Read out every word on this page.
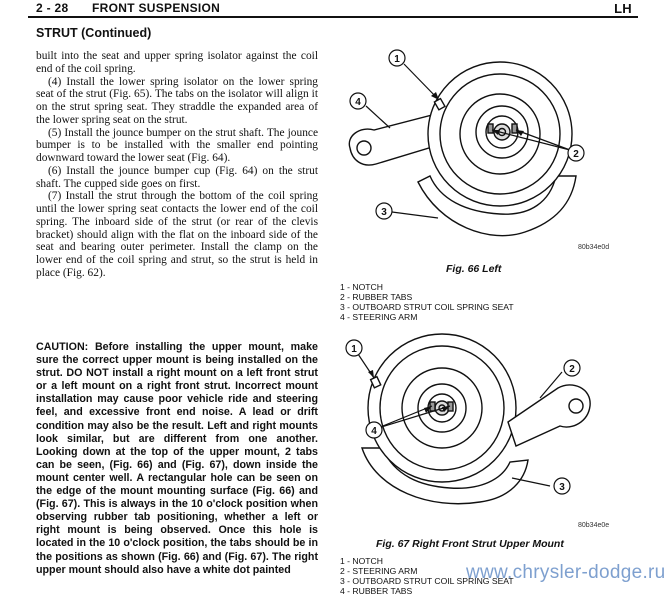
2 - 28 FRONT SUSPENSION	LH
STRUT (Continued)

built into the seat and upper spring isolator against the coil end of the coil spring.

(4) Install the lower spring isolator on the lower spring seat of the strut (Fig. 65). The tabs on the isolator will align it on the strut spring seat. They straddle the expanded area of the lower spring seat on the strut.

(5) Install the jounce bumper on the strut shaft. The jounce bumper is to be installed with the smaller end pointing downward toward the lower seat (Fig. 64).

(6) Install the jounce bumper cup (Fig. 64) on the strut shaft. The cupped side goes on first.

(7) Install the strut through the bottom of the coil spring until the lower spring seat contacts the lower end of the coil spring. The inboard side of the strut (or rear of the clevis bracket) should align with the flat on the inboard side of the seat and bearing outer perimeter. Install the clamp on the lower end of the coil spring and strut, so the strut is held in place (Fig. 62).

CAUTION: Before installing the upper mount, make sure the correct upper mount is being installed on the strut. DO NOT install a right mount on a left front strut or a left mount on a right front strut. Incorrect mount installation may cause poor vehicle ride and steering feel, and excessive front end noise. A lead or drift condition may also be the result. Left and right mounts look similar, but are different from one another. Looking down at the top of the upper mount, 2 tabs can be seen, (Fig. 66) and (Fig. 67), down inside the mount center well. A rectangular hole can be seen on the edge of the mount mounting surface (Fig. 66) and (Fig. 67). This is always in the 10 o'clock position when observing rubber tab positioning, whether a left or right mount is being observed. Once this hole is located in the 10 o'clock position, the tabs should be in the positions as shown (Fig. 66) and (Fig. 67). The right upper mount should also have a white dot painted
1
4
2
3
80b34e0d
Fig. 66 Left
1 - NOTCH
2 - RUBBER TABS
3 - OUTBOARD STRUT COIL SPRING SEAT
4 - STEERING ARM
1
2
4
3
80b34e0e
Fig. 67 Right Front Strut Upper Mount
1 - NOTCH
2 - STEERING ARM
3 - OUTBOARD STRUT COIL SPRING SEAT
4 - RUBBER TABS
www.chrysler-dodge.ru
